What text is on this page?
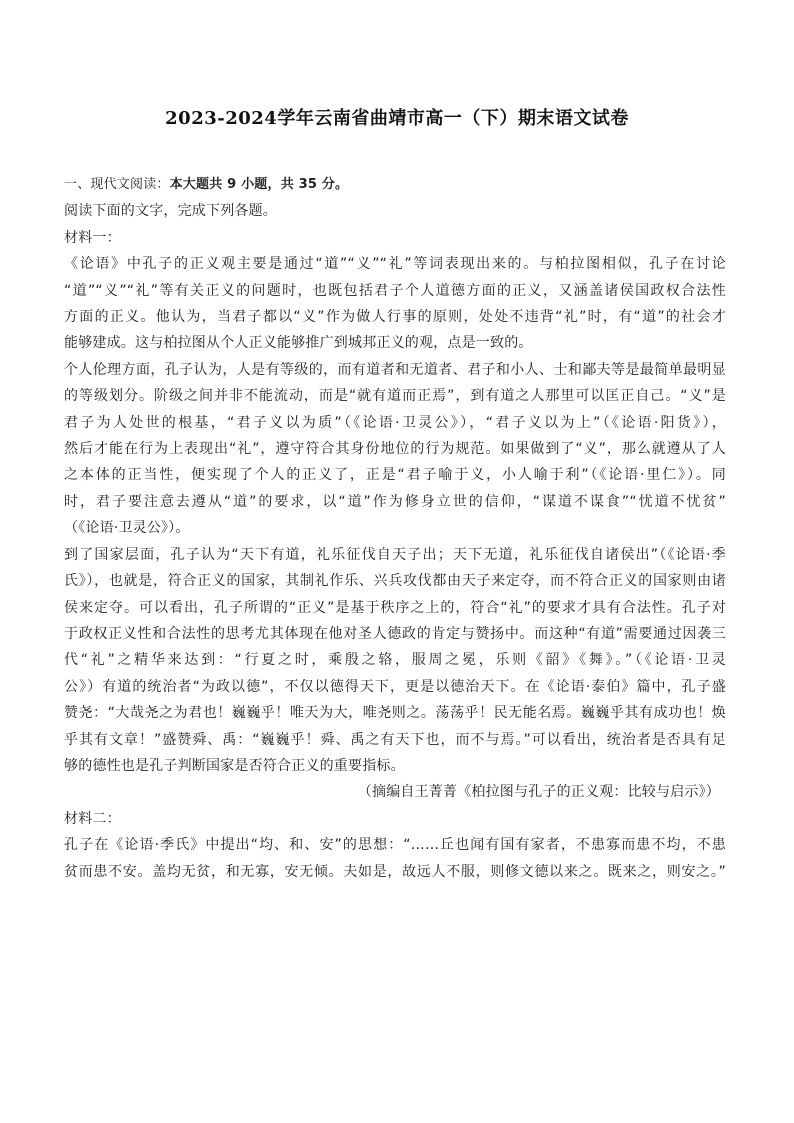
2023-2024学年云南省曲靖市高一（下）期末语文试卷
一、现代文阅读：本大题共 9 小题，共 35 分。
阅读下面的文字，完成下列各题。
材料一：
《论语》中孔子的正义观主要是通过“道”“义”“礼”等词表现出来的。与柏拉图相似，孔子在讨论
“道”“义”“礼”等有关正义的问题时，也既包括君子个人道德方面的正义，又涵盖诸侯国政权合法性
方面的正义。他认为，当君子都以“义”作为做人行事的原则，处处不违背“礼”时，有“道”的社会才
能够建成。这与柏拉图从个人正义能够推广到城邦正义的观，点是一致的。
个人伦理方面，孔子认为，人是有等级的，而有道者和无道者、君子和小人、士和鄙夫等是最简单最明显
的等级划分。阶级之间并非不能流动，而是“就有道而正焉”，到有道之人那里可以匡正自己。“义”是
君子为人处世的根基，“君子义以为质”（《论语·卫灵公》），“君子义以为上”（《论语·阳货》），
然后才能在行为上表现出“礼”，遵守符合其身份地位的行为规范。如果做到了“义”，那么就遵从了人
之本体的正当性，便实现了个人的正义了，正是“君子喻于义，小人喻于利”（《论语·里仁》）。同
时，君子要注意去遵从“道”的要求，以“道”作为修身立世的信仰，“谋道不谋食”“忧道不忧贫”
（《论语·卫灵公》）。
到了国家层面，孔子认为“天下有道，礼乐征伐自天子出；天下无道，礼乐征伐自诸侯出”（《论语·季
氏》），也就是，符合正义的国家，其制礼作乐、兴兵攻伐都由天子来定夺，而不符合正义的国家则由诸
侯来定夺。可以看出，孔子所谓的“正义”是基于秩序之上的，符合“礼”的要求才具有合法性。孔子对
于政权正义性和合法性的思考尤其体现在他对圣人德政的肯定与赞扬中。而这种“有道”需要通过因袭三
代“礼”之精华来达到：“行夏之时，乘殷之辂，服周之冕，乐则《韶》《舞》。”（《论语·卫灵
公》）有道的统治者“为政以德”，不仅以德得天下，更是以德治天下。在《论语·泰伯》篇中，孔子盛
赞尧：“大哉尧之为君也！巍巍乎！唯天为大，唯尧则之。荡荡乎！民无能名焉。巍巍乎其有成功也！焕
乎其有文章！”盛赞舜、禹：“巍巍乎！舜、禹之有天下也，而不与焉。”可以看出，统治者是否具有足
够的德性也是孔子判断国家是否符合正义的重要指标。
（摘编自王菁菁《柏拉图与孔子的正义观：比较与启示》）
材料二：
孔子在《论语·季氏》中提出“均、和、安”的思想：“……丘也闻有国有家者，不患寡而患不均，不患
贫而患不安。盖均无贫，和无寡，安无倾。夫如是，故远人不服，则修文德以来之。既来之，则安之。”
